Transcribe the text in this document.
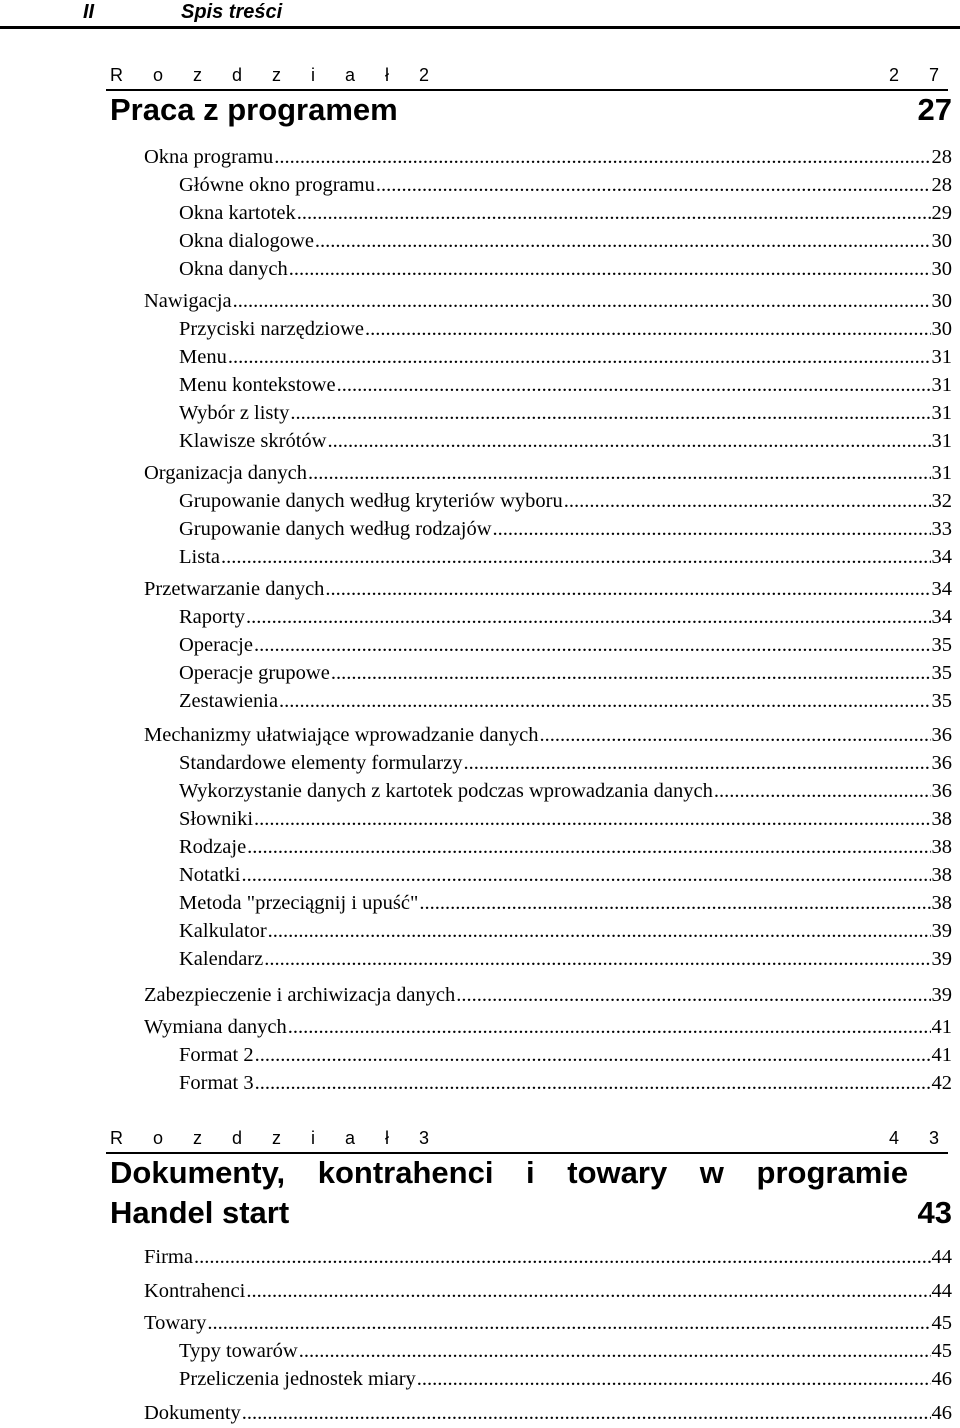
II	Spis treści
R o z d z i a ł 2	2 7
Praca z programem	27
Okna programu .....	28
Główne okno programu .....	28
Okna kartotek .....	29
Okna dialogowe .....	30
Okna danych .....	30
Nawigacja .....	30
Przyciski narzędziowe .....	30
Menu .....	31
Menu kontekstowe .....	31
Wybór z listy .....	31
Klawisze skrótów .....	31
Organizacja danych .....	31
Grupowanie danych według kryteriów wyboru .....	32
Grupowanie danych według rodzajów .....	33
Lista .....	34
Przetwarzanie danych .....	34
Raporty .....	34
Operacje .....	35
Operacje grupowe .....	35
Zestawienia .....	35
Mechanizmy ułatwiające wprowadzanie danych .....	36
Standardowe elementy formularzy .....	36
Wykorzystanie danych z kartotek podczas wprowadzania danych .....	36
Słowniki .....	38
Rodzaje .....	38
Notatki .....	38
Metoda "przeciągnij i upuść" .....	38
Kalkulator .....	39
Kalendarz .....	39
Zabezpieczenie i archiwizacja danych .....	39
Wymiana danych .....	41
Format 2 .....	41
Format 3 .....	42
R o z d z i a ł 3	4 3
Dokumenty, kontrahenci i towary w programie
Handel start	43
Firma .....	44
Kontrahenci .....	44
Towary .....	45
Typy towarów .....	45
Przeliczenia jednostek miary .....	46
Dokumenty .....	46
